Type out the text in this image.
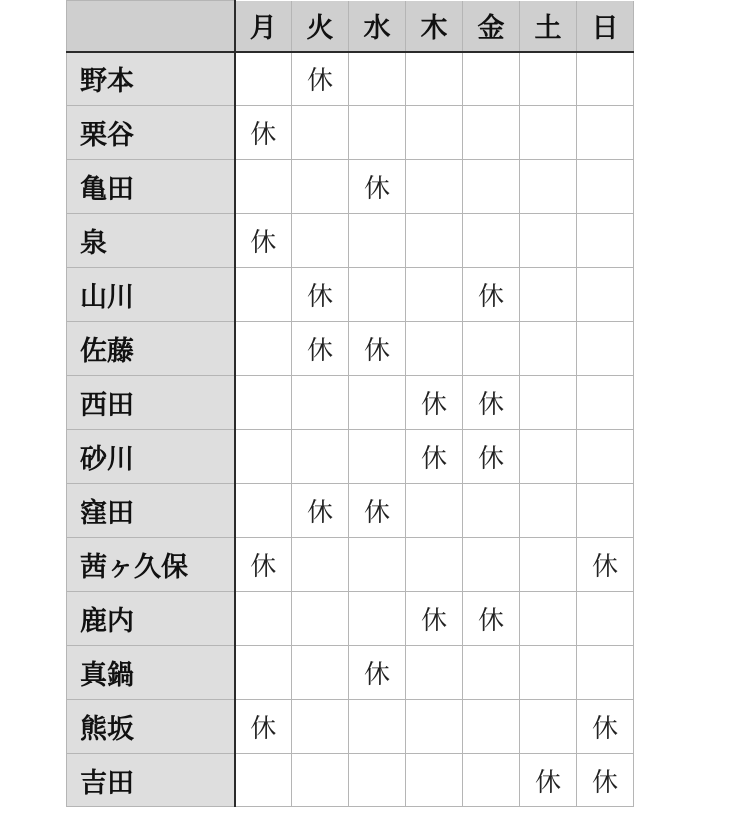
	月	火	水	木	金	土	日
野本		休					
栗谷	休						
亀田			休				
泉	休						
山川		休			休		
佐藤		休	休				
西田				休	休		
砂川				休	休		
窪田		休	休				
茜ヶ久保	休						休
鹿内				休	休		
真鍋			休				
熊坂	休						休
吉田						休	休
